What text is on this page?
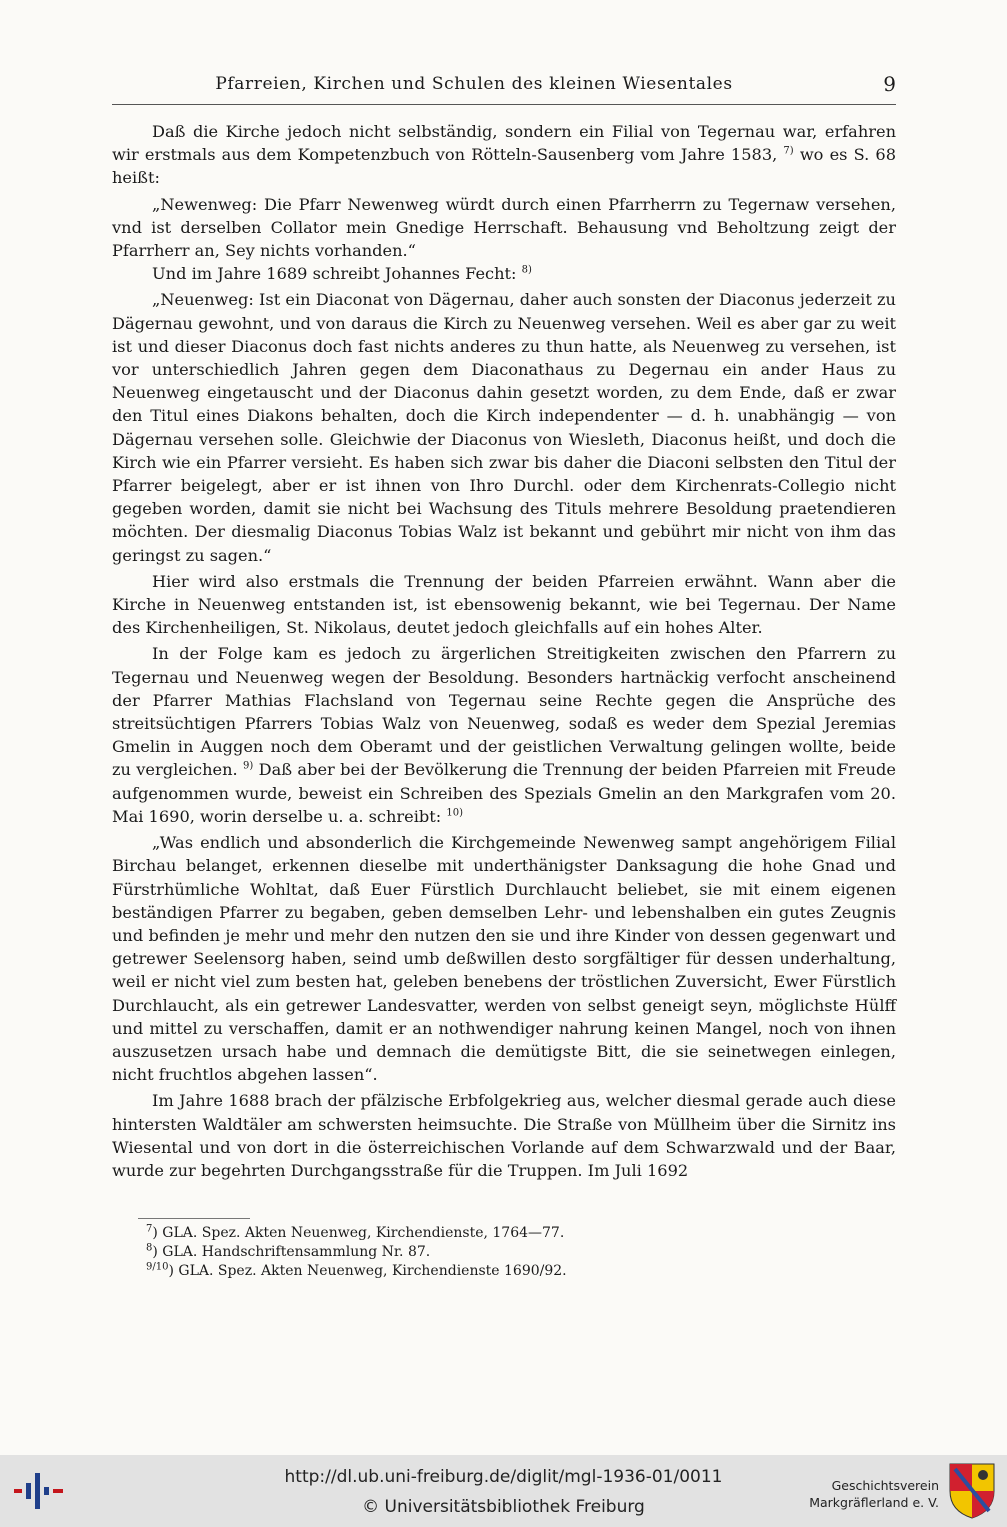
Pfarreien, Kirchen und Schulen des kleinen Wiesentales	9

Daß die Kirche jedoch nicht selbständig, sondern ein Filial von Tegernau war, erfahren wir erstmals aus dem Kompetenzbuch von Rötteln-Sausenberg vom Jahre 1583, $^{7)}$ wo es S. 68 heißt:

„Newenweg: Die Pfarr Newenweg würdt durch einen Pfarrherrn zu Tegernaw versehen, vnd ist derselben Collator mein Gnedige Herrschaft. Behausung vnd Beholtzung zeigt der Pfarrherr an, Sey nichts vorhanden.“

Und im Jahre 1689 schreibt Johannes Fecht: $^{8)}$

„Neuenweg: Ist ein Diaconat von Dägernau, daher auch sonsten der Diaconus jederzeit zu Dägernau gewohnt, und von daraus die Kirch zu Neuenweg versehen. Weil es aber gar zu weit ist und dieser Diaconus doch fast nichts anderes zu thun hatte, als Neuenweg zu versehen, ist vor unterschiedlich Jahren gegen dem Diaconathaus zu Degernau ein ander Haus zu Neuenweg eingetauscht und der Diaconus dahin gesetzt worden, zu dem Ende, daß er zwar den Titul eines Diakons behalten, doch die Kirch independenter — d. h. unabhängig — von Dägernau versehen solle. Gleichwie der Diaconus von Wiesleth, Diaconus heißt, und doch die Kirch wie ein Pfarrer versieht. Es haben sich zwar bis daher die Diaconi selbsten den Titul der Pfarrer beigelegt, aber er ist ihnen von Ihro Durchl. oder dem Kirchenrats-Collegio nicht gegeben worden, damit sie nicht bei Wachsung des Tituls mehrere Besoldung praetendieren möchten. Der diesmalig Diaconus Tobias Walz ist bekannt und gebührt mir nicht von ihm das geringst zu sagen.“

Hier wird also erstmals die Trennung der beiden Pfarreien erwähnt. Wann aber die Kirche in Neuenweg entstanden ist, ist ebensowenig bekannt, wie bei Tegernau. Der Name des Kirchenheiligen, St. Nikolaus, deutet jedoch gleichfalls auf ein hohes Alter.

In der Folge kam es jedoch zu ärgerlichen Streitigkeiten zwischen den Pfarrern zu Tegernau und Neuenweg wegen der Besoldung. Besonders hartnäckig verfocht anscheinend der Pfarrer Mathias Flachsland von Tegernau seine Rechte gegen die Ansprüche des streitsüchtigen Pfarrers Tobias Walz von Neuenweg, sodaß es weder dem Spezial Jeremias Gmelin in Auggen noch dem Oberamt und der geistlichen Verwaltung gelingen wollte, beide zu vergleichen. $^{9)}$ Daß aber bei der Bevölkerung die Trennung der beiden Pfarreien mit Freude aufgenommen wurde, beweist ein Schreiben des Spezials Gmelin an den Markgrafen vom 20. Mai 1690, worin derselbe u. a. schreibt: $^{10)}$

„Was endlich und absonderlich die Kirchgemeinde Newenweg sampt angehörigem Filial Birchau belanget, erkennen dieselbe mit underthänigster Danksagung die hohe Gnad und Fürstrhümliche Wohltat, daß Euer Fürstlich Durchlaucht beliebet, sie mit einem eigenen beständigen Pfarrer zu begaben, geben demselben Lehr- und lebenshalben ein gutes Zeugnis und befinden je mehr und mehr den nutzen den sie und ihre Kinder von dessen gegenwart und getrewer Seelensorg haben, seind umb deßwillen desto sorgfältiger für dessen underhaltung, weil er nicht viel zum besten hat, geleben benebens der tröstlichen Zuversicht, Ewer Fürstlich Durchlaucht, als ein getrewer Landesvatter, werden von selbst geneigt seyn, möglichste Hülff und mittel zu verschaffen, damit er an nothwendiger nahrung keinen Mangel, noch von ihnen auszusetzen ursach habe und demnach die demütigste Bitt, die sie seinetwegen einlegen, nicht fruchtlos abgehen lassen“.

Im Jahre 1688 brach der pfälzische Erbfolgekrieg aus, welcher diesmal gerade auch diese hintersten Waldtäler am schwersten heimsuchte. Die Straße von Müllheim über die Sirnitz ins Wiesental und von dort in die österreichischen Vorlande auf dem Schwarzwald und der Baar, wurde zur begehrten Durchgangsstraße für die Truppen. Im Juli 1692

$^7$) GLA. Spez. Akten Neuenweg, Kirchendienste, 1764—77.
$^8$) GLA. Handschriftensammlung Nr. 87.
$^{9/10}$) GLA. Spez. Akten Neuenweg, Kirchendienste 1690/92.
http://dl.ub.uni-freiburg.de/diglit/mgl-1936-01/0011
© Universitätsbibliothek Freiburg
Geschichtsverein
Markgräflerland e. V.
